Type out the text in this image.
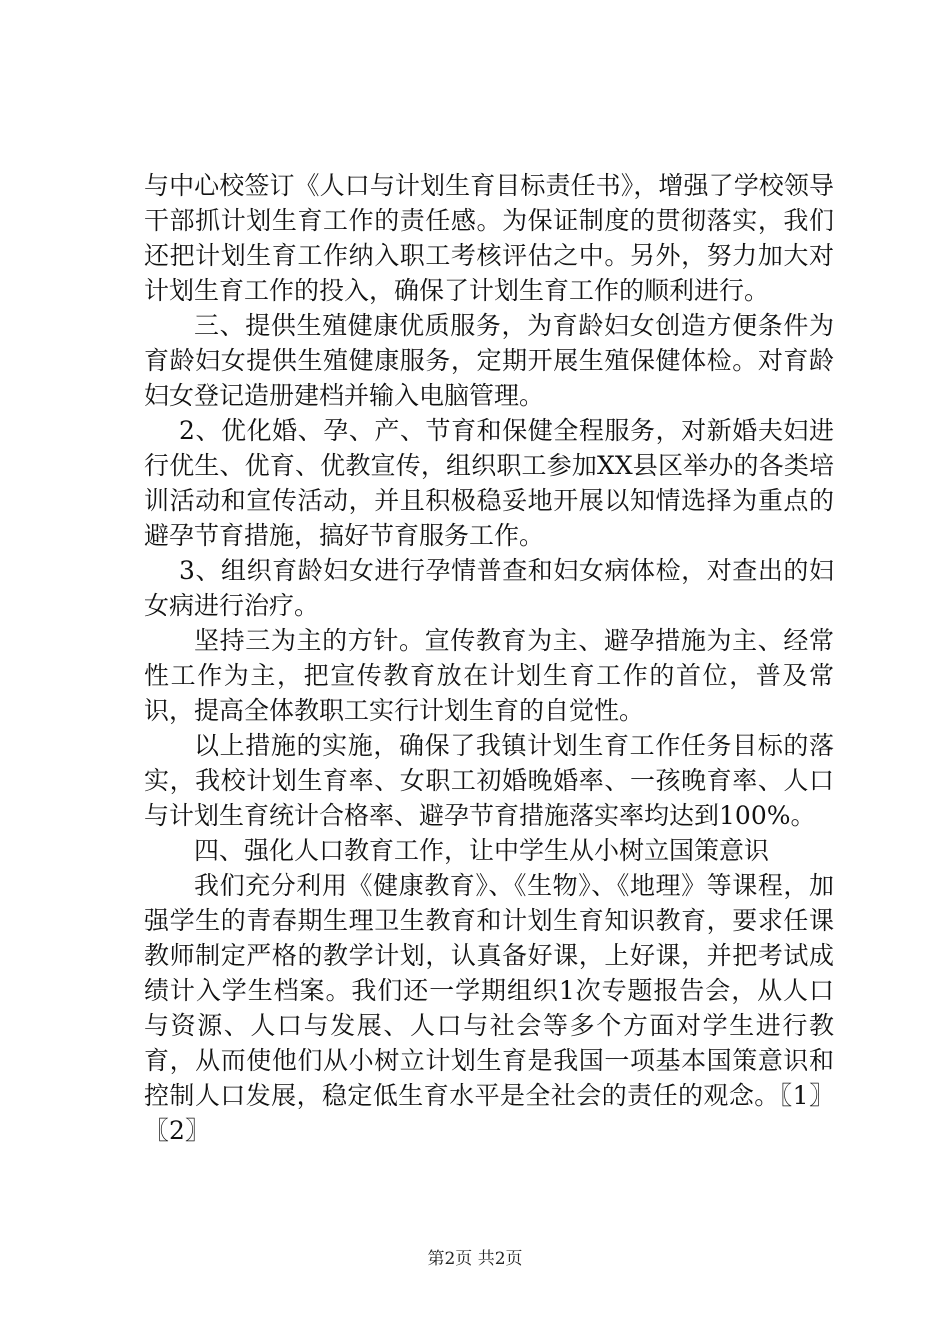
与中心校签订《人口与计划生育目标责任书》，增强了学校领导干部抓计划生育工作的责任感。为保证制度的贯彻落实，我们还把计划生育工作纳入职工考核评估之中。另外，努力加大对计划生育工作的投入，确保了计划生育工作的顺利进行。

三、提供生殖健康优质服务，为育龄妇女创造方便条件为育龄妇女提供生殖健康服务，定期开展生殖保健体检。对育龄妇女登记造册建档并输入电脑管理。

2、优化婚、孕、产、节育和保健全程服务，对新婚夫妇进行优生、优育、优教宣传，组织职工参加XX县区举办的各类培训活动和宣传活动，并且积极稳妥地开展以知情选择为重点的避孕节育措施，搞好节育服务工作。

3、组织育龄妇女进行孕情普查和妇女病体检，对查出的妇女病进行治疗。

坚持三为主的方针。宣传教育为主、避孕措施为主、经常性工作为主，把宣传教育放在计划生育工作的首位，普及常识，提高全体教职工实行计划生育的自觉性。

以上措施的实施，确保了我镇计划生育工作任务目标的落实，我校计划生育率、女职工初婚晚婚率、一孩晚育率、人口与计划生育统计合格率、避孕节育措施落实率均达到100%。

四、强化人口教育工作，让中学生从小树立国策意识

我们充分利用《健康教育》、《生物》、《地理》等课程，加强学生的青春期生理卫生教育和计划生育知识教育，要求任课教师制定严格的教学计划，认真备好课，上好课，并把考试成绩计入学生档案。我们还一学期组织1次专题报告会，从人口与资源、人口与发展、人口与社会等多个方面对学生进行教育，从而使他们从小树立计划生育是我国一项基本国策意识和控制人口发展，稳定低生育水平是全社会的责任的观念。〖1〗〖2〗

第2页 共2页
